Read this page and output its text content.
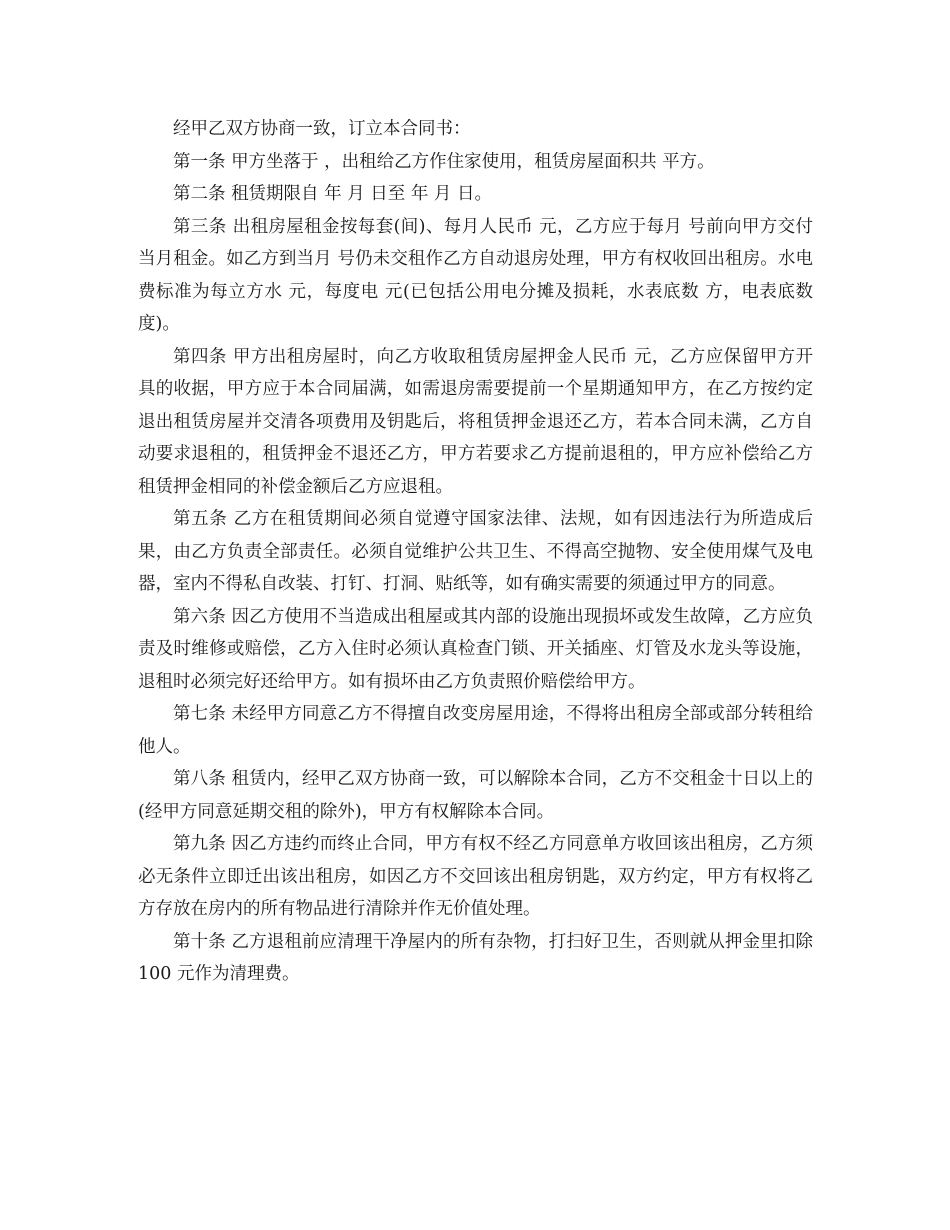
经甲乙双方协商一致，订立本合同书：

第一条 甲方坐落于 ，出租给乙方作住家使用，租赁房屋面积共 平方。

第二条 租赁期限自 年 月 日至 年 月 日。

第三条 出租房屋租金按每套(间)、每月人民币 元，乙方应于每月 号前向甲方交付当月租金。如乙方到当月 号仍未交租作乙方自动退房处理，甲方有权收回出租房。水电费标准为每立方水 元，每度电 元(已包括公用电分摊及损耗，水表底数 方，电表底数 度)。

第四条 甲方出租房屋时，向乙方收取租赁房屋押金人民币 元，乙方应保留甲方开具的收据，甲方应于本合同届满，如需退房需要提前一个星期通知甲方，在乙方按约定退出租赁房屋并交清各项费用及钥匙后，将租赁押金退还乙方，若本合同未满，乙方自动要求退租的，租赁押金不退还乙方，甲方若要求乙方提前退租的，甲方应补偿给乙方租赁押金相同的补偿金额后乙方应退租。

第五条 乙方在租赁期间必须自觉遵守国家法律、法规，如有因违法行为所造成后果，由乙方负责全部责任。必须自觉维护公共卫生、不得高空抛物、安全使用煤气及电器，室内不得私自改装、打钉、打洞、贴纸等，如有确实需要的须通过甲方的同意。

第六条 因乙方使用不当造成出租屋或其内部的设施出现损坏或发生故障，乙方应负责及时维修或赔偿，乙方入住时必须认真检查门锁、开关插座、灯管及水龙头等设施，退租时必须完好还给甲方。如有损坏由乙方负责照价赔偿给甲方。

第七条 未经甲方同意乙方不得擅自改变房屋用途，不得将出租房全部或部分转租给他人。

第八条 租赁内，经甲乙双方协商一致，可以解除本合同，乙方不交租金十日以上的(经甲方同意延期交租的除外)，甲方有权解除本合同。

第九条 因乙方违约而终止合同，甲方有权不经乙方同意单方收回该出租房，乙方须必无条件立即迁出该出租房，如因乙方不交回该出租房钥匙，双方约定，甲方有权将乙方存放在房内的所有物品进行清除并作无价值处理。

第十条 乙方退租前应清理干净屋内的所有杂物，打扫好卫生，否则就从押金里扣除 100 元作为清理费。
